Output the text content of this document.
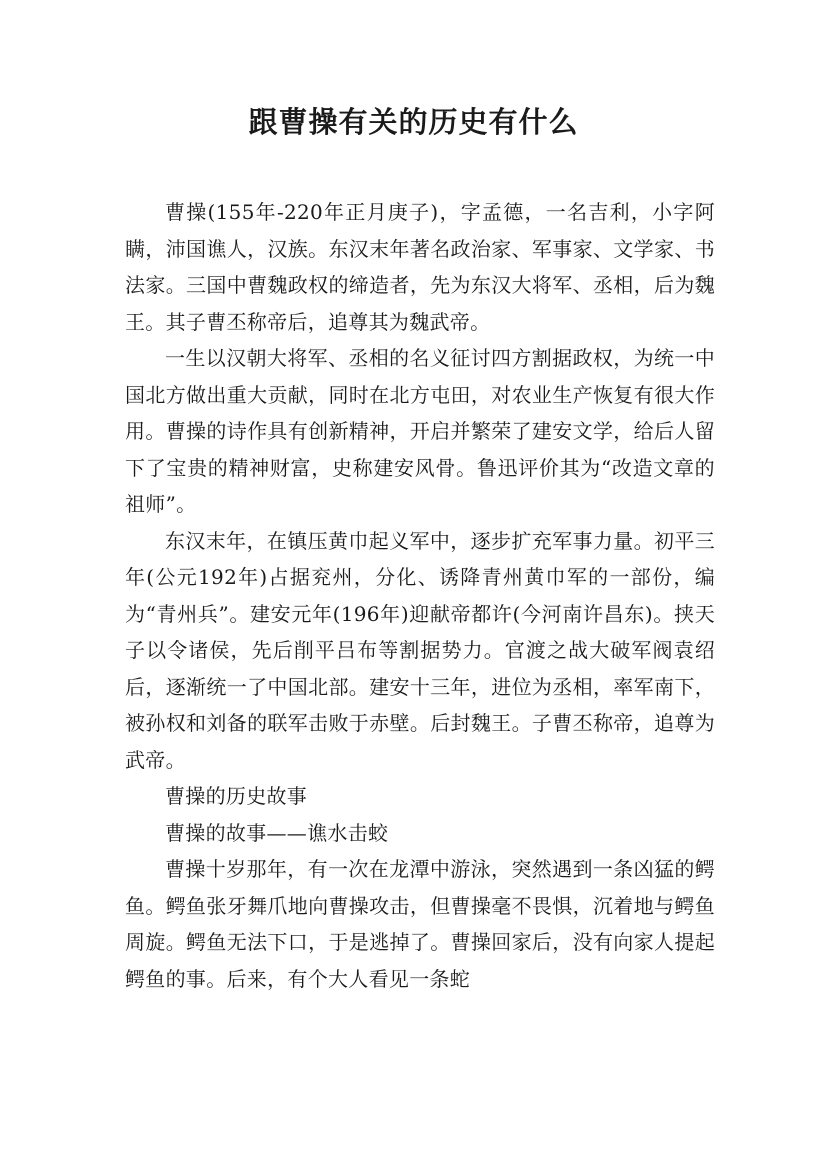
跟曹操有关的历史有什么

曹操(155年-220年正月庚子)，字孟德，一名吉利，小字阿瞒，沛国谯人，汉族。东汉末年著名政治家、军事家、文学家、书法家。三国中曹魏政权的缔造者，先为东汉大将军、丞相，后为魏王。其子曹丕称帝后，追尊其为魏武帝。

一生以汉朝大将军、丞相的名义征讨四方割据政权，为统一中国北方做出重大贡献，同时在北方屯田，对农业生产恢复有很大作用。曹操的诗作具有创新精神，开启并繁荣了建安文学，给后人留下了宝贵的精神财富，史称建安风骨。鲁迅评价其为“改造文章的祖师”。

东汉末年，在镇压黄巾起义军中，逐步扩充军事力量。初平三年(公元192年)占据兖州，分化、诱降青州黄巾军的一部份，编为“青州兵”。建安元年(196年)迎献帝都许(今河南许昌东)。挟天子以令诸侯，先后削平吕布等割据势力。官渡之战大破军阀袁绍后，逐渐统一了中国北部。建安十三年，进位为丞相，率军南下，被孙权和刘备的联军击败于赤壁。后封魏王。子曹丕称帝，追尊为武帝。

曹操的历史故事

曹操的故事——谯水击蛟

曹操十岁那年，有一次在龙潭中游泳，突然遇到一条凶猛的鳄鱼。鳄鱼张牙舞爪地向曹操攻击，但曹操毫不畏惧，沉着地与鳄鱼周旋。鳄鱼无法下口，于是逃掉了。曹操回家后，没有向家人提起鳄鱼的事。后来，有个大人看见一条蛇
